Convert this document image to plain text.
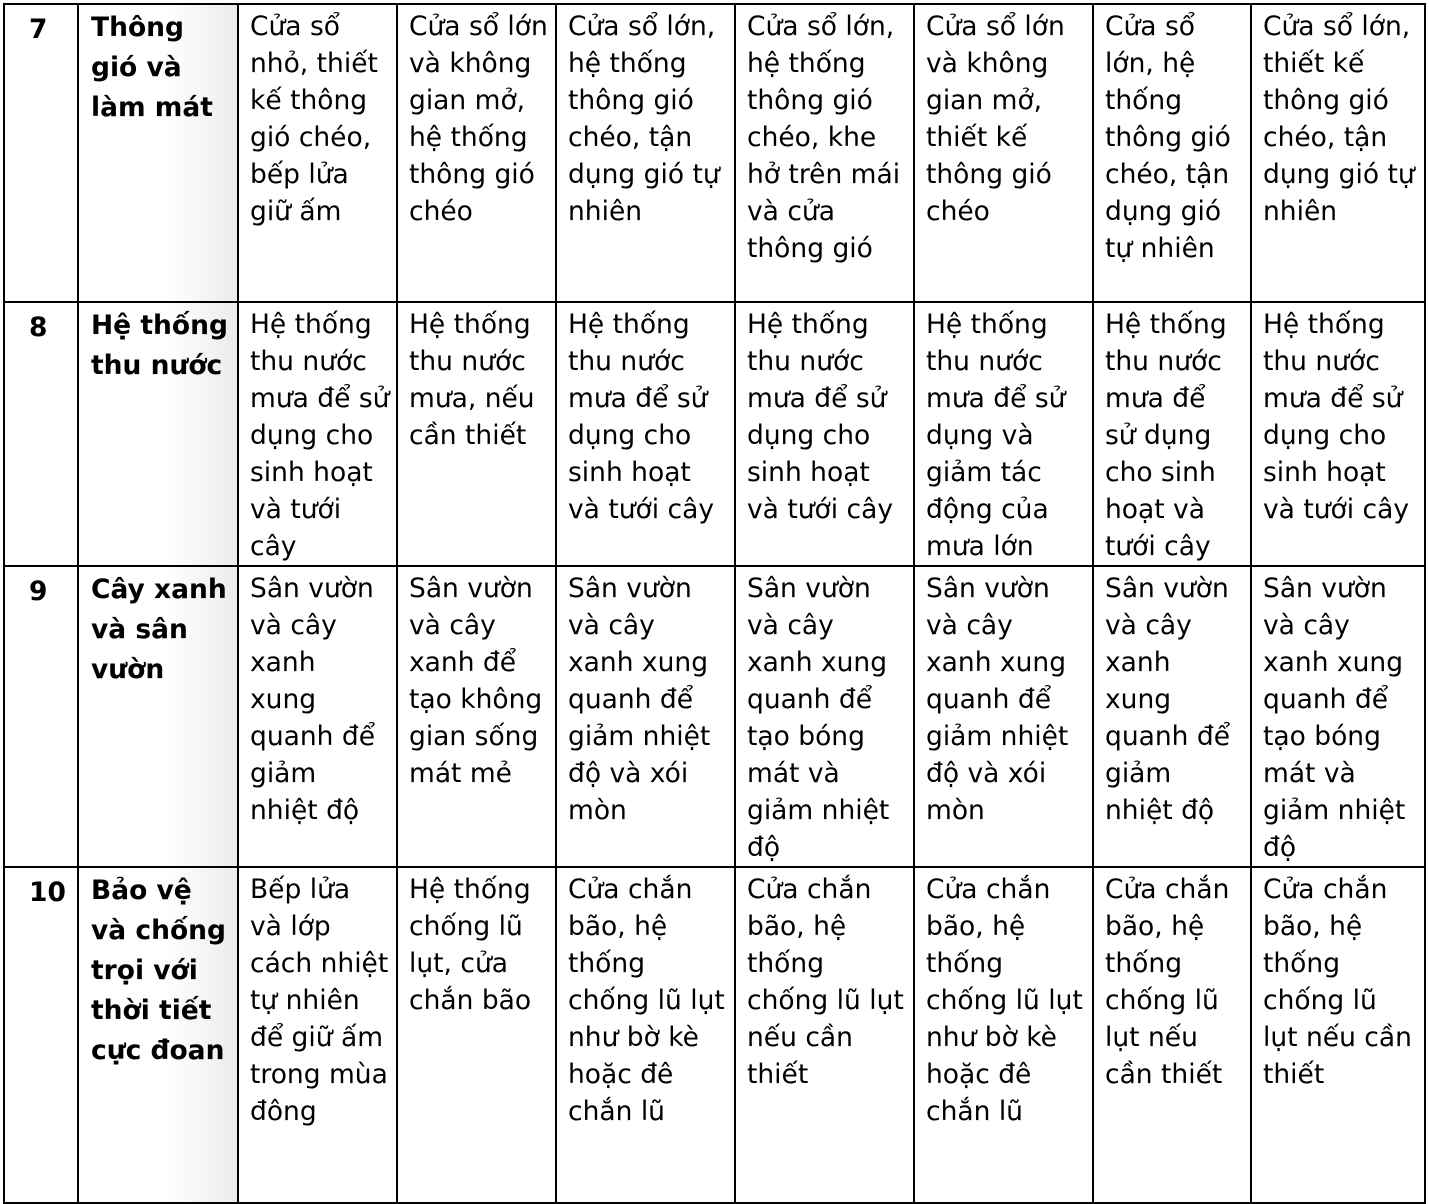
7	Thông gió và làm mát	Cửa sổ nhỏ, thiết kế thông gió chéo, bếp lửa giữ ấm	Cửa sổ lớn và không gian mở, hệ thống thông gió chéo	Cửa sổ lớn, hệ thống thông gió chéo, tận dụng gió tự nhiên	Cửa sổ lớn, hệ thống thông gió chéo, khe hở trên mái và cửa thông gió	Cửa sổ lớn và không gian mở, thiết kế thông gió chéo	Cửa sổ lớn, hệ thống thông gió chéo, tận dụng gió tự nhiên	Cửa sổ lớn, thiết kế thông gió chéo, tận dụng gió tự nhiên
8	Hệ thống thu nước	Hệ thống thu nước mưa để sử dụng cho sinh hoạt và tưới cây	Hệ thống thu nước mưa, nếu cần thiết	Hệ thống thu nước mưa để sử dụng cho sinh hoạt và tưới cây	Hệ thống thu nước mưa để sử dụng cho sinh hoạt và tưới cây	Hệ thống thu nước mưa để sử dụng và giảm tác động của mưa lớn	Hệ thống thu nước mưa để sử dụng cho sinh hoạt và tưới cây	Hệ thống thu nước mưa để sử dụng cho sinh hoạt và tưới cây
9	Cây xanh và sân vườn	Sân vườn và cây xanh xung quanh để giảm nhiệt độ	Sân vườn và cây xanh để tạo không gian sống mát mẻ	Sân vườn và cây xanh xung quanh để giảm nhiệt độ và xói mòn	Sân vườn và cây xanh xung quanh để tạo bóng mát và giảm nhiệt độ	Sân vườn và cây xanh xung quanh để giảm nhiệt độ và xói mòn	Sân vườn và cây xanh xung quanh để giảm nhiệt độ	Sân vườn và cây xanh xung quanh để tạo bóng mát và giảm nhiệt độ
10	Bảo vệ và chống trọi với thời tiết cực đoan	Bếp lửa và lớp cách nhiệt tự nhiên để giữ ấm trong mùa đông	Hệ thống chống lũ lụt, cửa chắn bão	Cửa chắn bão, hệ thống chống lũ lụt như bờ kè hoặc đê chắn lũ	Cửa chắn bão, hệ thống chống lũ lụt nếu cần thiết	Cửa chắn bão, hệ thống chống lũ lụt như bờ kè hoặc đê chắn lũ	Cửa chắn bão, hệ thống chống lũ lụt nếu cần thiết	Cửa chắn bão, hệ thống chống lũ lụt nếu cần thiết
